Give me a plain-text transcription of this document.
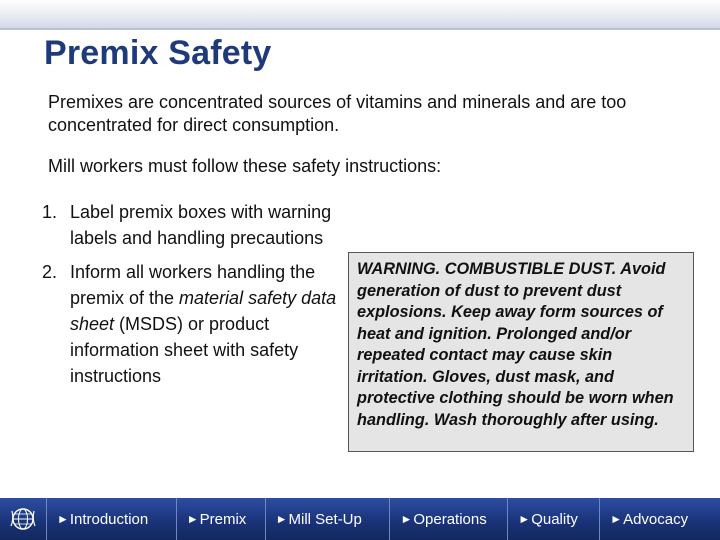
Premix Safety

Premixes are concentrated sources of vitamins and minerals and are too concentrated for direct consumption.

Mill workers must follow these safety instructions:

1. Label premix boxes with warning labels and handling precautions
2. Inform all workers handling the premix of the material safety data sheet (MSDS) or product information sheet with safety instructions
WARNING. COMBUSTIBLE DUST. Avoid generation of dust to prevent dust explosions. Keep away form sources of heat and ignition. Prolonged and/or repeated contact may cause skin irritation. Gloves, dust mask, and protective clothing should be worn when handling. Wash thoroughly after using.
► Introduction	► Premix ► Mill Set-Up	► Operations	► Quality	► Advocacy
